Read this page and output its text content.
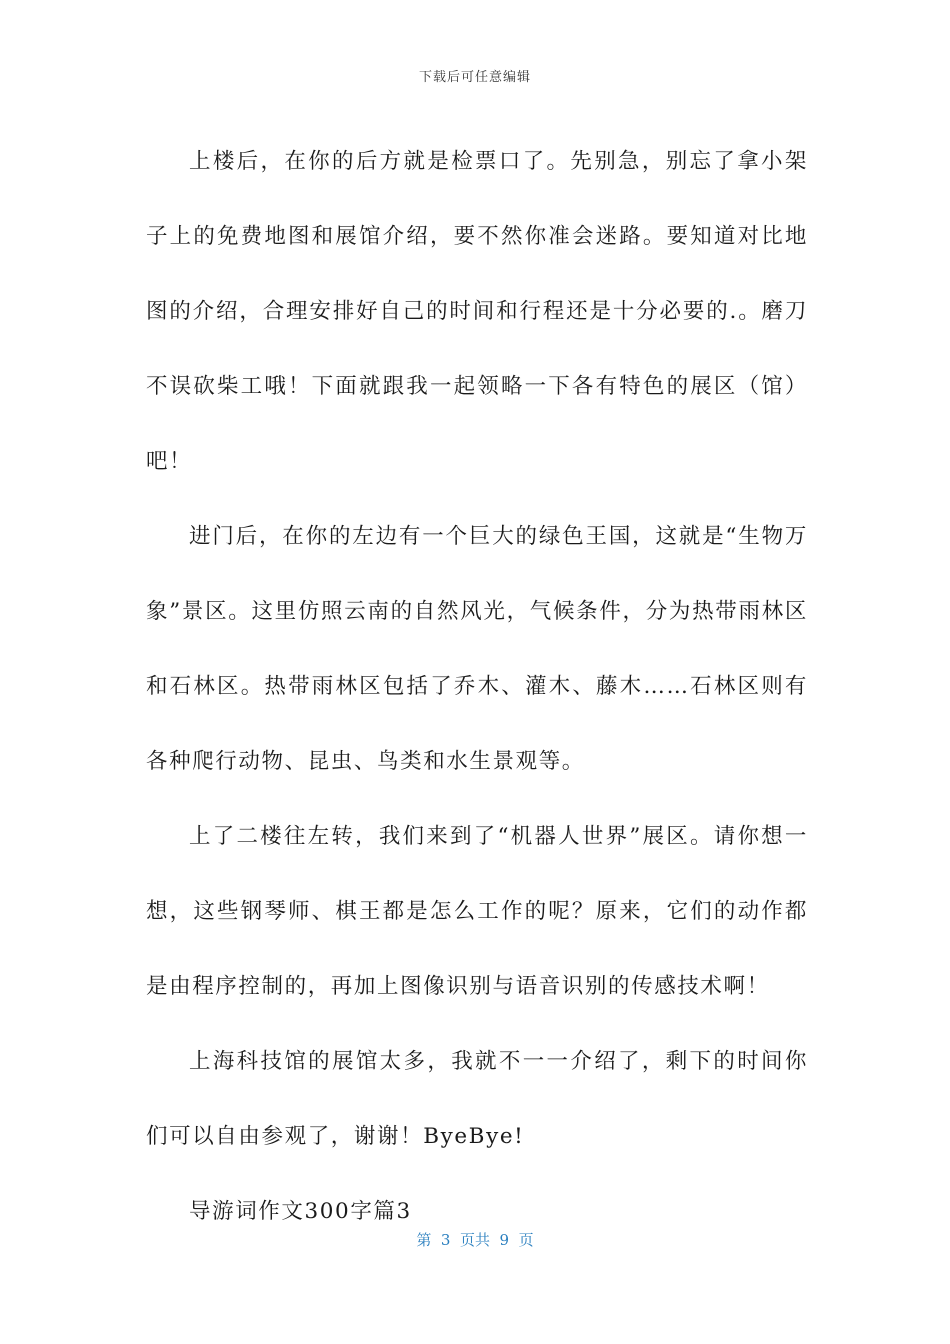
下载后可任意编辑

上楼后，在你的后方就是检票口了。先别急，别忘了拿小架子上的免费地图和展馆介绍，要不然你准会迷路。要知道对比地图的介绍，合理安排好自己的时间和行程还是十分必要的.。磨刀不误砍柴工哦！下面就跟我一起领略一下各有特色的展区（馆）吧！

进门后，在你的左边有一个巨大的绿色王国，这就是“生物万象”景区。这里仿照云南的自然风光，气候条件，分为热带雨林区和石林区。热带雨林区包括了乔木、灌木、藤木……石林区则有各种爬行动物、昆虫、鸟类和水生景观等。

上了二楼往左转，我们来到了“机器人世界”展区。请你想一想，这些钢琴师、棋王都是怎么工作的呢？原来，它们的动作都是由程序控制的，再加上图像识别与语音识别的传感技术啊！

上海科技馆的展馆太多，我就不一一介绍了，剩下的时间你们可以自由参观了，谢谢！ByeBye!

导游词作文300字篇3

第  3  页共  9  页
